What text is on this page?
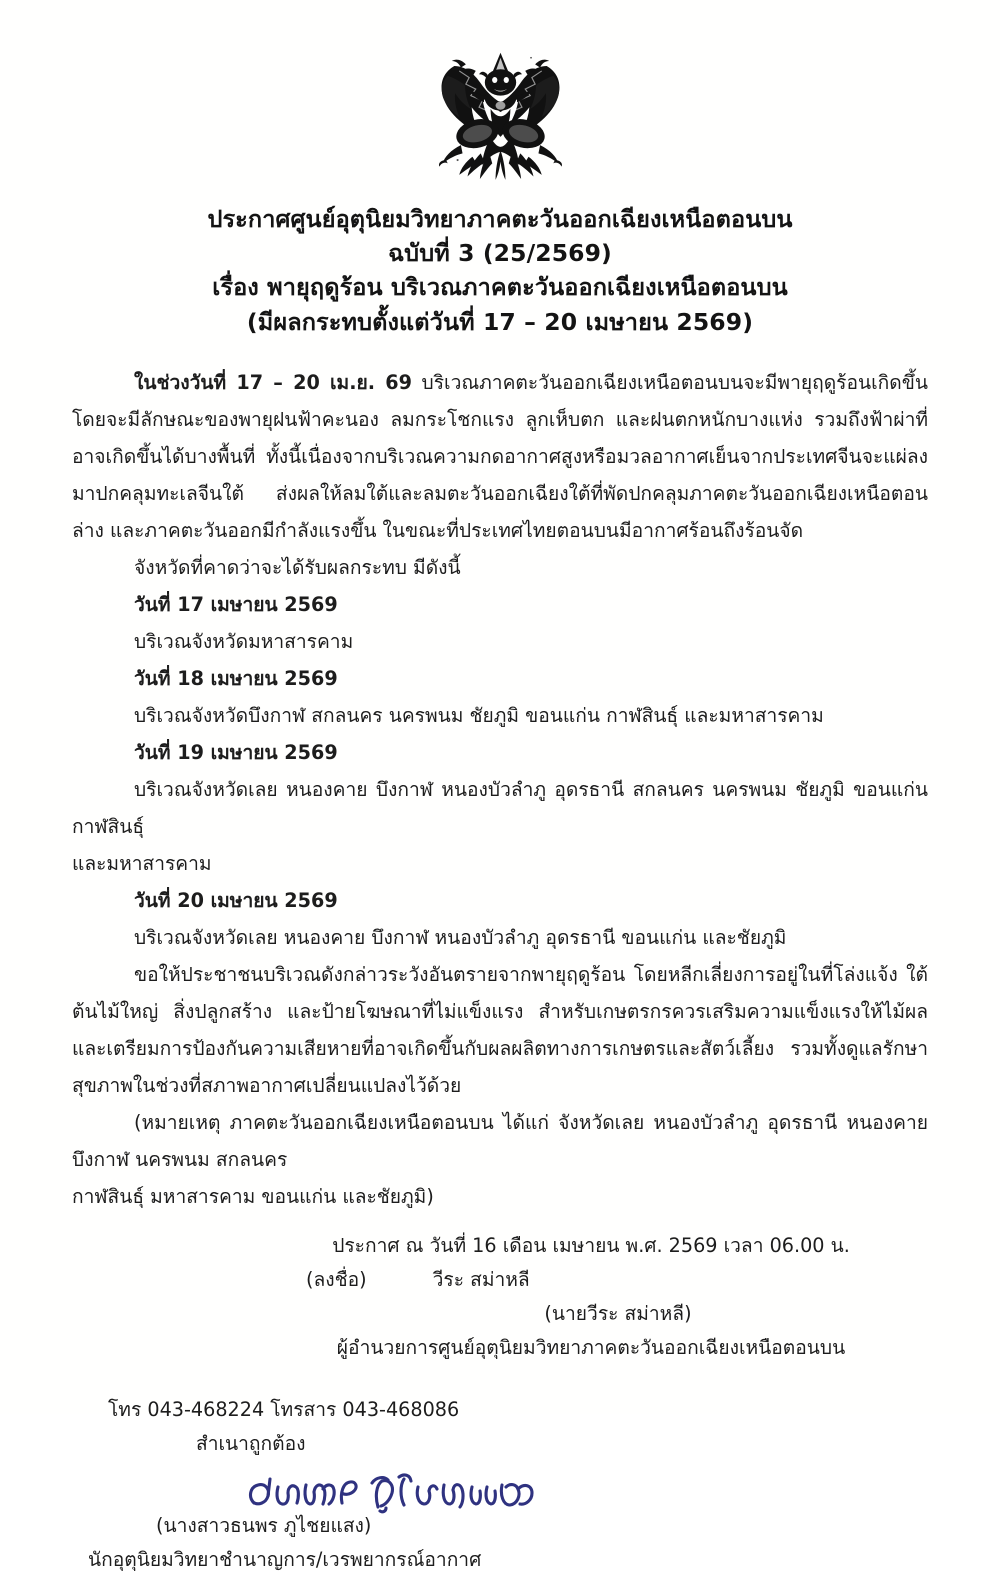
ประกาศศูนย์อุตุนิยมวิทยาภาคตะวันออกเฉียงเหนือตอนบน
ฉบับที่ 3 (25/2569)
เรื่อง พายุฤดูร้อน บริเวณภาคตะวันออกเฉียงเหนือตอนบน
(มีผลกระทบตั้งแต่วันที่ 17 – 20 เมษายน 2569)

ในช่วงวันที่ 17 – 20 เม.ย. 69 บริเวณภาคตะวันออกเฉียงเหนือตอนบนจะมีพายุฤดูร้อนเกิดขึ้น โดยจะมีลักษณะของพายุฝนฟ้าคะนอง ลมกระโชกแรง ลูกเห็บตก และฝนตกหนักบางแห่ง รวมถึงฟ้าผ่าที่อาจเกิดขึ้นได้บางพื้นที่ ทั้งนี้เนื่องจากบริเวณความกดอากาศสูงหรือมวลอากาศเย็นจากประเทศจีนจะแผ่ลงมาปกคลุมทะเลจีนใต้ ส่งผลให้ลมใต้และลมตะวันออกเฉียงใต้ที่พัดปกคลุมภาคตะวันออกเฉียงเหนือตอนล่าง และภาคตะวันออกมีกำลังแรงขึ้น ในขณะที่ประเทศไทยตอนบนมีอากาศร้อนถึงร้อนจัด

จังหวัดที่คาดว่าจะได้รับผลกระทบ มีดังนี้

วันที่ 17 เมษายน 2569

บริเวณจังหวัดมหาสารคาม

วันที่ 18 เมษายน 2569

บริเวณจังหวัดบึงกาฬ สกลนคร นครพนม ชัยภูมิ ขอนแก่น กาฬสินธุ์ และมหาสารคาม

วันที่ 19 เมษายน 2569

บริเวณจังหวัดเลย หนองคาย บึงกาฬ หนองบัวลำภู อุดรธานี สกลนคร นครพนม ชัยภูมิ ขอนแก่น กาฬสินธุ์

และมหาสารคาม

วันที่ 20 เมษายน 2569

บริเวณจังหวัดเลย หนองคาย บึงกาฬ หนองบัวลำภู อุดรธานี ขอนแก่น และชัยภูมิ

ขอให้ประชาชนบริเวณดังกล่าวระวังอันตรายจากพายุฤดูร้อน โดยหลีกเลี่ยงการอยู่ในที่โล่งแจ้ง ใต้ต้นไม้ใหญ่ สิ่งปลูกสร้าง และป้ายโฆษณาที่ไม่แข็งแรง สำหรับเกษตรกรควรเสริมความแข็งแรงให้ไม้ผล และเตรียมการป้องกันความเสียหายที่อาจเกิดขึ้นกับผลผลิตทางการเกษตรและสัตว์เลี้ยง รวมทั้งดูแลรักษาสุขภาพในช่วงที่สภาพอากาศเปลี่ยนแปลงไว้ด้วย

(หมายเหตุ ภาคตะวันออกเฉียงเหนือตอนบน ได้แก่ จังหวัดเลย หนองบัวลำภู อุดรธานี หนองคาย บึงกาฬ นครพนม สกลนคร

กาฬสินธุ์ มหาสารคาม ขอนแก่น และชัยภูมิ)

ประกาศ ณ วันที่ 16 เดือน เมษายน พ.ศ. 2569 เวลา 06.00 น.
(ลงชื่อ)	วีระ สม่าหลี
(นายวีระ สม่าหลี)
ผู้อำนวยการศูนย์อุตุนิยมวิทยาภาคตะวันออกเฉียงเหนือตอนบน
โทร 043-468224 โทรสาร 043-468086
สำเนาถูกต้อง
(นางสาวธนพร ภูไชยแสง)
นักอุตุนิยมวิทยาชำนาญการ/เวรพยากรณ์อากาศ
